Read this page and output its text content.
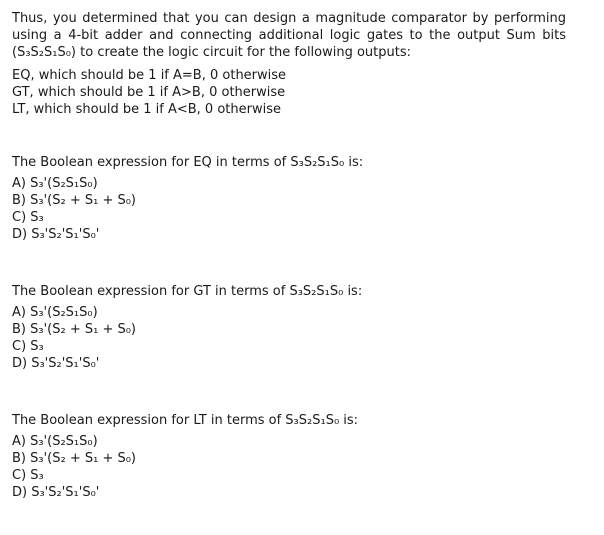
Thus, you determined that you can design a magnitude comparator by performing using a 4-bit adder and connecting additional logic gates to the output Sum bits (S₃S₂S₁S₀) to create the logic circuit for the following outputs:

EQ, which should be 1 if A=B, 0 otherwise
GT, which should be 1 if A>B, 0 otherwise
LT, which should be 1 if A<B, 0 otherwise

The Boolean expression for EQ in terms of S₃S₂S₁S₀ is:

A) S₃'(S₂S₁S₀)
B) S₃'(S₂ + S₁ + S₀)
C) S₃
D) S₃'S₂'S₁'S₀'

The Boolean expression for GT in terms of S₃S₂S₁S₀ is:

A) S₃'(S₂S₁S₀)
B) S₃'(S₂ + S₁ + S₀)
C) S₃
D) S₃'S₂'S₁'S₀'

The Boolean expression for LT in terms of S₃S₂S₁S₀ is:

A) S₃'(S₂S₁S₀)
B) S₃'(S₂ + S₁ + S₀)
C) S₃
D) S₃'S₂'S₁'S₀'
